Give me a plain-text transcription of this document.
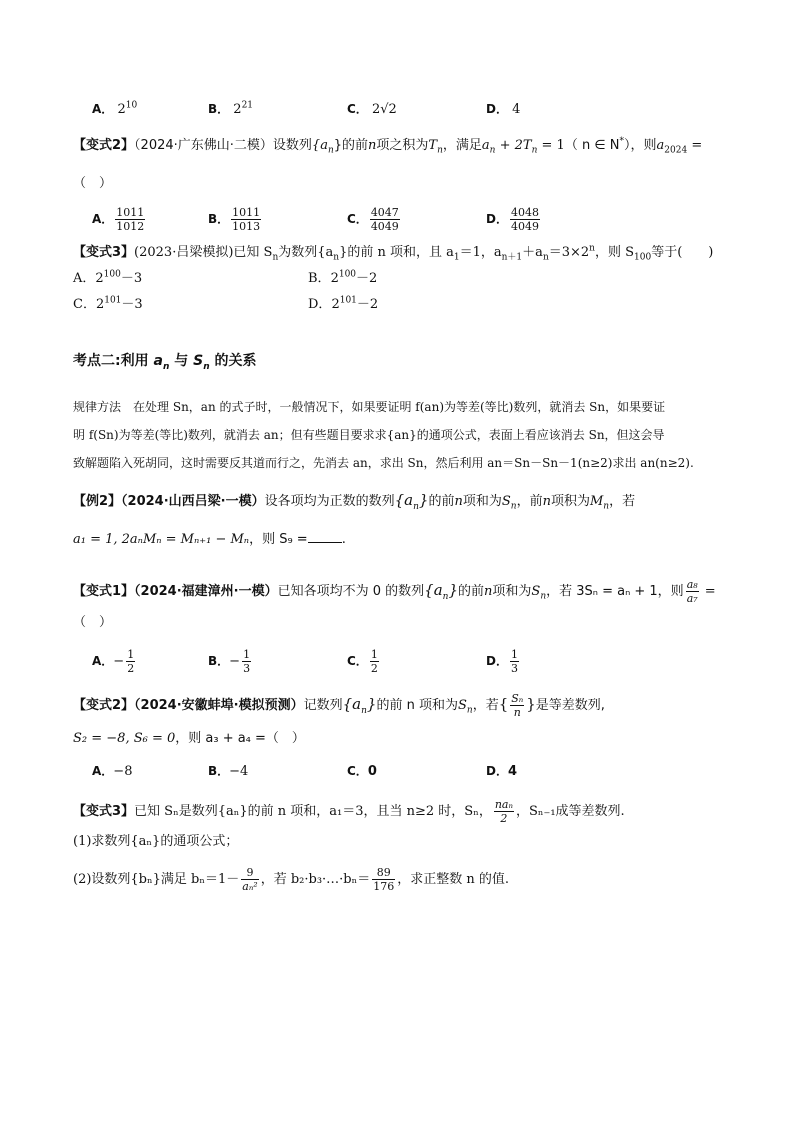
A． $2^{10}$	B． $2^{21}$	C． 2√2	D． 4
【变式2】（2024·广东佛山·二模）设数列$\{a_n\}$的前n项之积为$T_n$，满足$a_n + 2T_n = 1$（ n ∈ N*），则$a_{2024}$ =
（　）
A． $\frac{1011}{1012}$	B． $\frac{1011}{1013}$	C． $\frac{4047}{4049}$	D． $\frac{4048}{4049}$
【变式3】(2023·吕梁模拟)已知 $S_n$为数列$\{a_n\}$的前 n 项和，且 $a_1=1$，$a_{n+1}+a_n=3\times 2^n$，则 $S_{100}$等于(　　)
A．$2^{100}-3$	B．$2^{100}-2$
C．$2^{101}-3$	D．$2^{101}-2$
考点二:利用 $a_n$ 与 $S_n$ 的关系
规律方法　 在处理 Sn，an 的式子时，一般情况下，如果要证明 f(an)为等差(等比)数列，就消去 Sn，如果要证
明 f(Sn)为等差(等比)数列，就消去 an；但有些题目要求求{an}的通项公式，表面上看应该消去 Sn，但这会导
致解题陷入死胡同，这时需要反其道而行之，先消去 an，求出 Sn，然后利用 an＝Sn－Sn－1(n≥2)求出 an(n≥2).
【例2】（2024·山西吕梁·一模）设各项均为正数的数列$\{a_n\}$的前n项和为$S_n$，前n项积为$M_n$，若
a₁ = 1, 2aₙMₙ = Mₙ₊₁ − Mₙ，则 S₉ =	.
【变式1】（2024·福建漳州·一模）已知各项均不为 0 的数列$\{a_n\}$的前n项和为$S_n$，若 3Sₙ = aₙ + 1，则 $\frac{\text{a₈}}{\text{a₇}}$ =
（　）
A．− $\frac{1}{2}$	B．− $\frac{1}{3}$	C． $\frac{1}{2}$	D． $\frac{1}{3}$
【变式2】（2024·安徽蚌埠·模拟预测）记数列$\{a_n\}$的前 n 项和为$S_n$，若{ $\frac{\text{Sₙ}}{n}$ }是等差数列,
S₂ = −8, S₆ = 0，则 a₃ + a₄ =（　）
A．−8	B．−4	C．0	D．4
【变式3】已知 Sₙ是数列{aₙ}的前 n 项和，a₁＝3，且当 n≥2 时，Sₙ， $\frac{\text{naₙ}}{2}$ ，Sₙ₋₁成等差数列.
(1)求数列{aₙ}的通项公式；
(2)设数列{bₙ}满足 $b_n=1- \frac{9}{\text{aₙ²}}$ ，若 b₂·b₃·…·bₙ＝ $\frac{89}{176}$ ，求正整数 n 的值.
